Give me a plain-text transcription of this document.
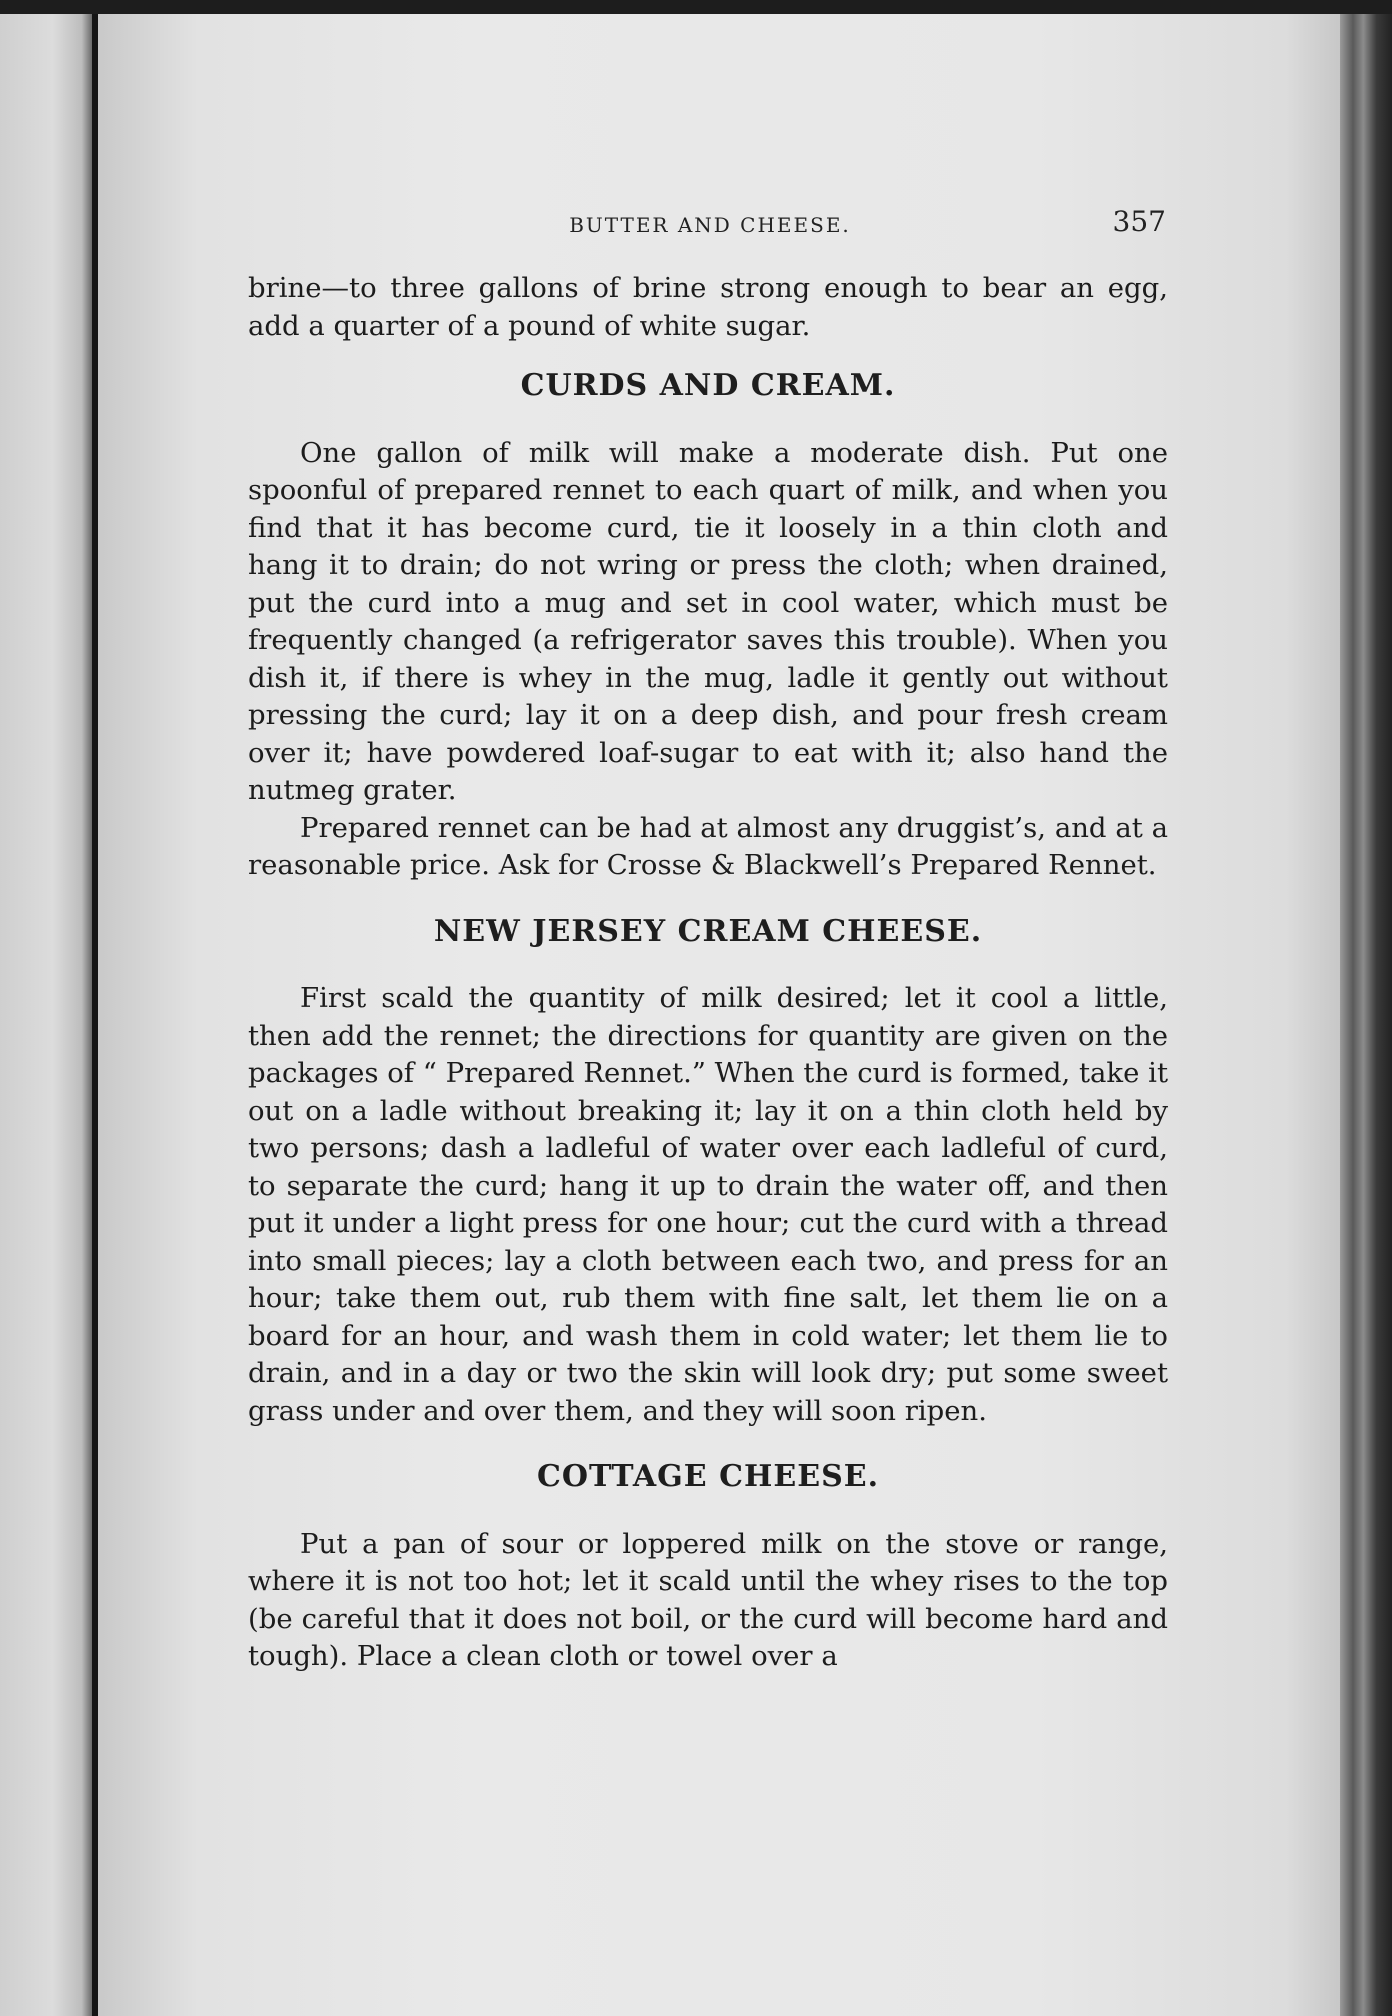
BUTTER AND CHEESE.	357

brine—to three gallons of brine strong enough to bear an egg, add a quarter of a pound of white sugar.

CURDS AND CREAM.

One gallon of milk will make a moderate dish. Put one spoonful of prepared rennet to each quart of milk, and when you find that it has become curd, tie it loosely in a thin cloth and hang it to drain; do not wring or press the cloth; when drained, put the curd into a mug and set in cool water, which must be frequently changed (a refrigerator saves this trouble). When you dish it, if there is whey in the mug, ladle it gently out without pressing the curd; lay it on a deep dish, and pour fresh cream over it; have powdered loaf-sugar to eat with it; also hand the nutmeg grater.

Prepared rennet can be had at almost any druggist’s, and at a reasonable price. Ask for Crosse & Blackwell’s Prepared Rennet.

NEW JERSEY CREAM CHEESE.

First scald the quantity of milk desired; let it cool a little, then add the rennet; the directions for quantity are given on the packages of “ Prepared Rennet.” When the curd is formed, take it out on a ladle without breaking it; lay it on a thin cloth held by two persons; dash a ladleful of water over each ladleful of curd, to separate the curd; hang it up to drain the water off, and then put it under a light press for one hour; cut the curd with a thread into small pieces; lay a cloth between each two, and press for an hour; take them out, rub them with fine salt, let them lie on a board for an hour, and wash them in cold water; let them lie to drain, and in a day or two the skin will look dry; put some sweet grass under and over them, and they will soon ripen.

COTTAGE CHEESE.

Put a pan of sour or loppered milk on the stove or range, where it is not too hot; let it scald until the whey rises to the top (be careful that it does not boil, or the curd will become hard and tough). Place a clean cloth or towel over a
